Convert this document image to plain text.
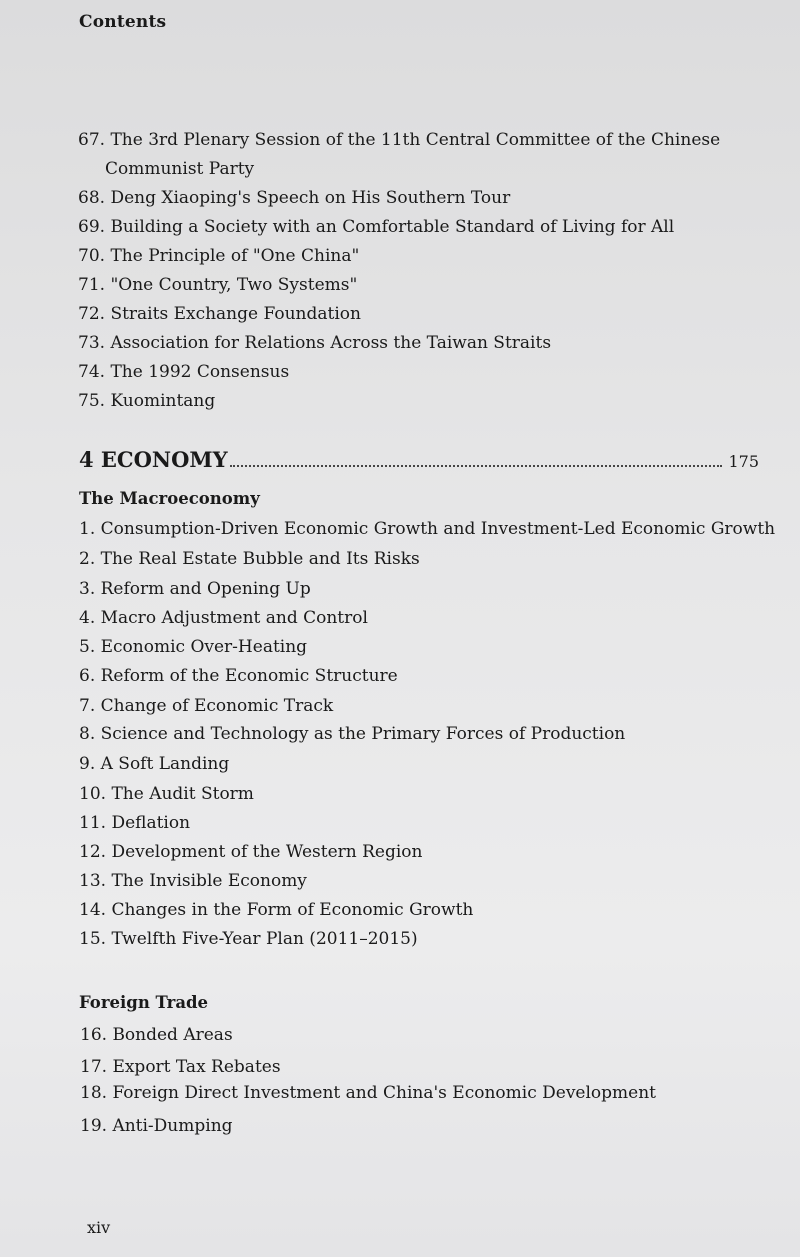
Contents
67. The 3rd Plenary Session of the 11th Central Committee of the Chinese
Communist Party
68. Deng Xiaoping's Speech on His Southern Tour
69. Building a Society with an Comfortable Standard of Living for All
70. The Principle of "One China"
71. "One Country, Two Systems"
72. Straits Exchange Foundation
73. Association for Relations Across the Taiwan Straits
74. The 1992 Consensus
75. Kuomintang
4 ECONOMY	175
The Macroeconomy
1. Consumption-Driven Economic Growth and Investment-Led Economic Growth
2. The Real Estate Bubble and Its Risks
3. Reform and Opening Up
4. Macro Adjustment and Control
5. Economic Over-Heating
6. Reform of the Economic Structure
7. Change of Economic Track
8. Science and Technology as the Primary Forces of Production
9. A Soft Landing
10. The Audit Storm
11. Deflation
12. Development of the Western Region
13. The Invisible Economy
14. Changes in the Form of Economic Growth
15. Twelfth Five-Year Plan (2011–2015)
Foreign Trade
16. Bonded Areas
17. Export Tax Rebates
18. Foreign Direct Investment and China's Economic Development
19. Anti-Dumping
xiv
